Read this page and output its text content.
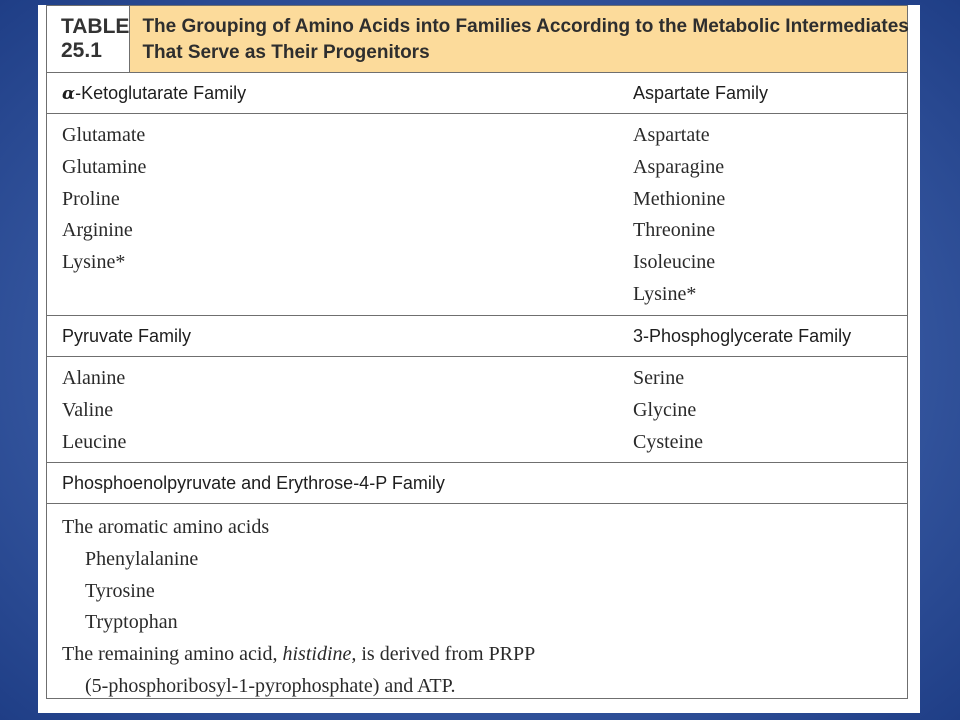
TABLE 25.1
The Grouping of Amino Acids into Families According to the Metabolic Intermediates
That Serve as Their Progenitors
α-Ketoglutarate Family	Aspartate Family
Glutamate
Glutamine
Proline
Arginine
Lysine*
Aspartate
Asparagine
Methionine
Threonine
Isoleucine
Lysine*
Pyruvate Family	3-Phosphoglycerate Family
Alanine
Valine
Leucine
Serine
Glycine
Cysteine
Phosphoenolpyruvate and Erythrose-4-P Family
The aromatic amino acids
Phenylalanine
Tyrosine
Tryptophan
The remaining amino acid, histidine, is derived from PRPP
(5-phosphoribosyl-1-pyrophosphate) and ATP.
